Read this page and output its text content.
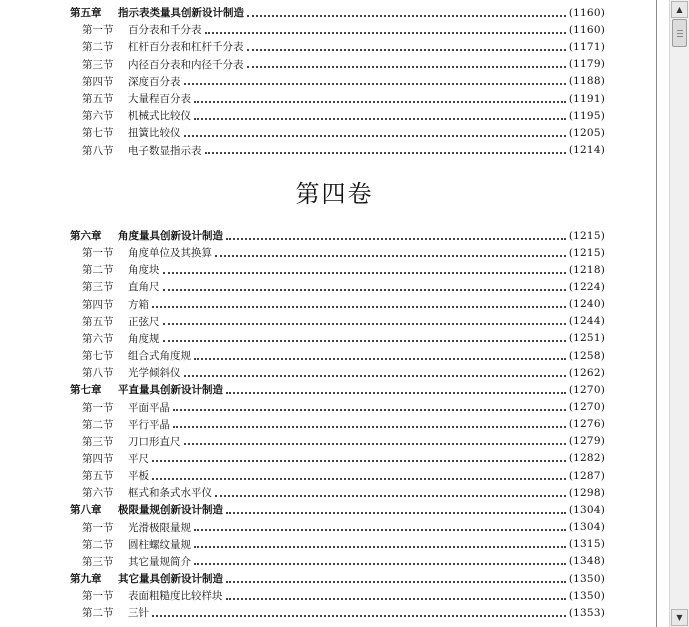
第五章	指示表类量具创新设计制造	(1160)
第一节	百分表和千分表	(1160)
第二节	杠杆百分表和杠杆千分表	(1171)
第三节	内径百分表和内径千分表	(1179)
第四节	深度百分表	(1188)
第五节	大量程百分表	(1191)
第六节	机械式比较仪	(1195)
第七节	扭簧比较仪	(1205)
第八节	电子数显指示表	(1214)
第六章	角度量具创新设计制造	(1215)
第一节	角度单位及其换算	(1215)
第二节	角度块	(1218)
第三节	直角尺	(1224)
第四节	方箱	(1240)
第五节	正弦尺	(1244)
第六节	角度规	(1251)
第七节	组合式角度规	(1258)
第八节	光学倾斜仪	(1262)
第七章	平直量具创新设计制造	(1270)
第一节	平面平晶	(1270)
第二节	平行平晶	(1276)
第三节	刀口形直尺	(1279)
第四节	平尺	(1282)
第五节	平板	(1287)
第六节	框式和条式水平仪	(1298)
第八章	极限量规创新设计制造	(1304)
第一节	光滑极限量规	(1304)
第二节	圆柱螺纹量规	(1315)
第三节	其它量规简介	(1348)
第九章	其它量具创新设计制造	(1350)
第一节	表面粗糙度比较样块	(1350)
第二节	三针	(1353)
第四卷
▲
▼
